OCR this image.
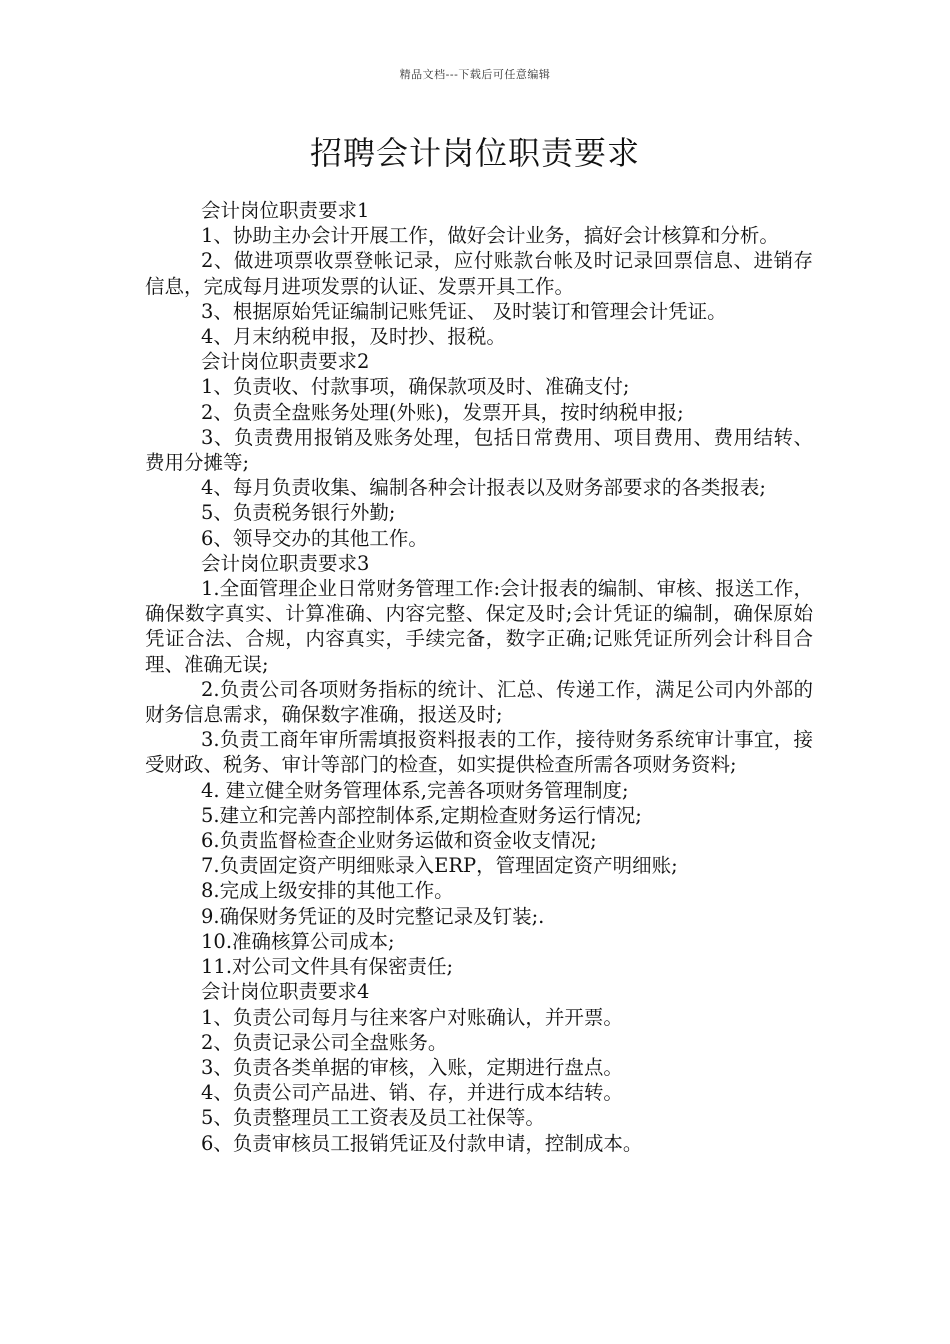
精品文档---下载后可任意编辑
招聘会计岗位职责要求

会计岗位职责要求1

1、协助主办会计开展工作，做好会计业务，搞好会计核算和分析。

2、做进项票收票登帐记录，应付账款台帐及时记录回票信息、进销存信息，完成每月进项发票的认证、发票开具工作。

3、根据原始凭证编制记账凭证、 及时装订和管理会计凭证。

4、月末纳税申报，及时抄、报税。

会计岗位职责要求2

1、负责收、付款事项，确保款项及时、准确支付;

2、负责全盘账务处理(外账)，发票开具，按时纳税申报;

3、负责费用报销及账务处理，包括日常费用、项目费用、费用结转、费用分摊等;

4、每月负责收集、编制各种会计报表以及财务部要求的各类报表;

5、负责税务银行外勤;

6、领导交办的其他工作。

会计岗位职责要求3

1.全面管理企业日常财务管理工作:会计报表的编制、审核、报送工作，确保数字真实、计算准确、内容完整、保定及时;会计凭证的编制，确保原始凭证合法、合规，内容真实，手续完备，数字正确;记账凭证所列会计科目合理、准确无误;

2.负责公司各项财务指标的统计、汇总、传递工作，满足公司内外部的财务信息需求，确保数字准确，报送及时;

3.负责工商年审所需填报资料报表的工作，接待财务系统审计事宜，接受财政、税务、审计等部门的检查，如实提供检查所需各项财务资料;

4. 建立健全财务管理体系,完善各项财务管理制度;

5.建立和完善内部控制体系,定期检查财务运行情况;

6.负责监督检查企业财务运做和资金收支情况;

7.负责固定资产明细账录入ERP，管理固定资产明细账;

8.完成上级安排的其他工作。

9.确保财务凭证的及时完整记录及钉装;.

10.准确核算公司成本;

11.对公司文件具有保密责任;

会计岗位职责要求4

1、负责公司每月与往来客户对账确认，并开票。

2、负责记录公司全盘账务。

3、负责各类单据的审核，入账，定期进行盘点。

4、负责公司产品进、销、存，并进行成本结转。

5、负责整理员工工资表及员工社保等。

6、负责审核员工报销凭证及付款申请，控制成本。
